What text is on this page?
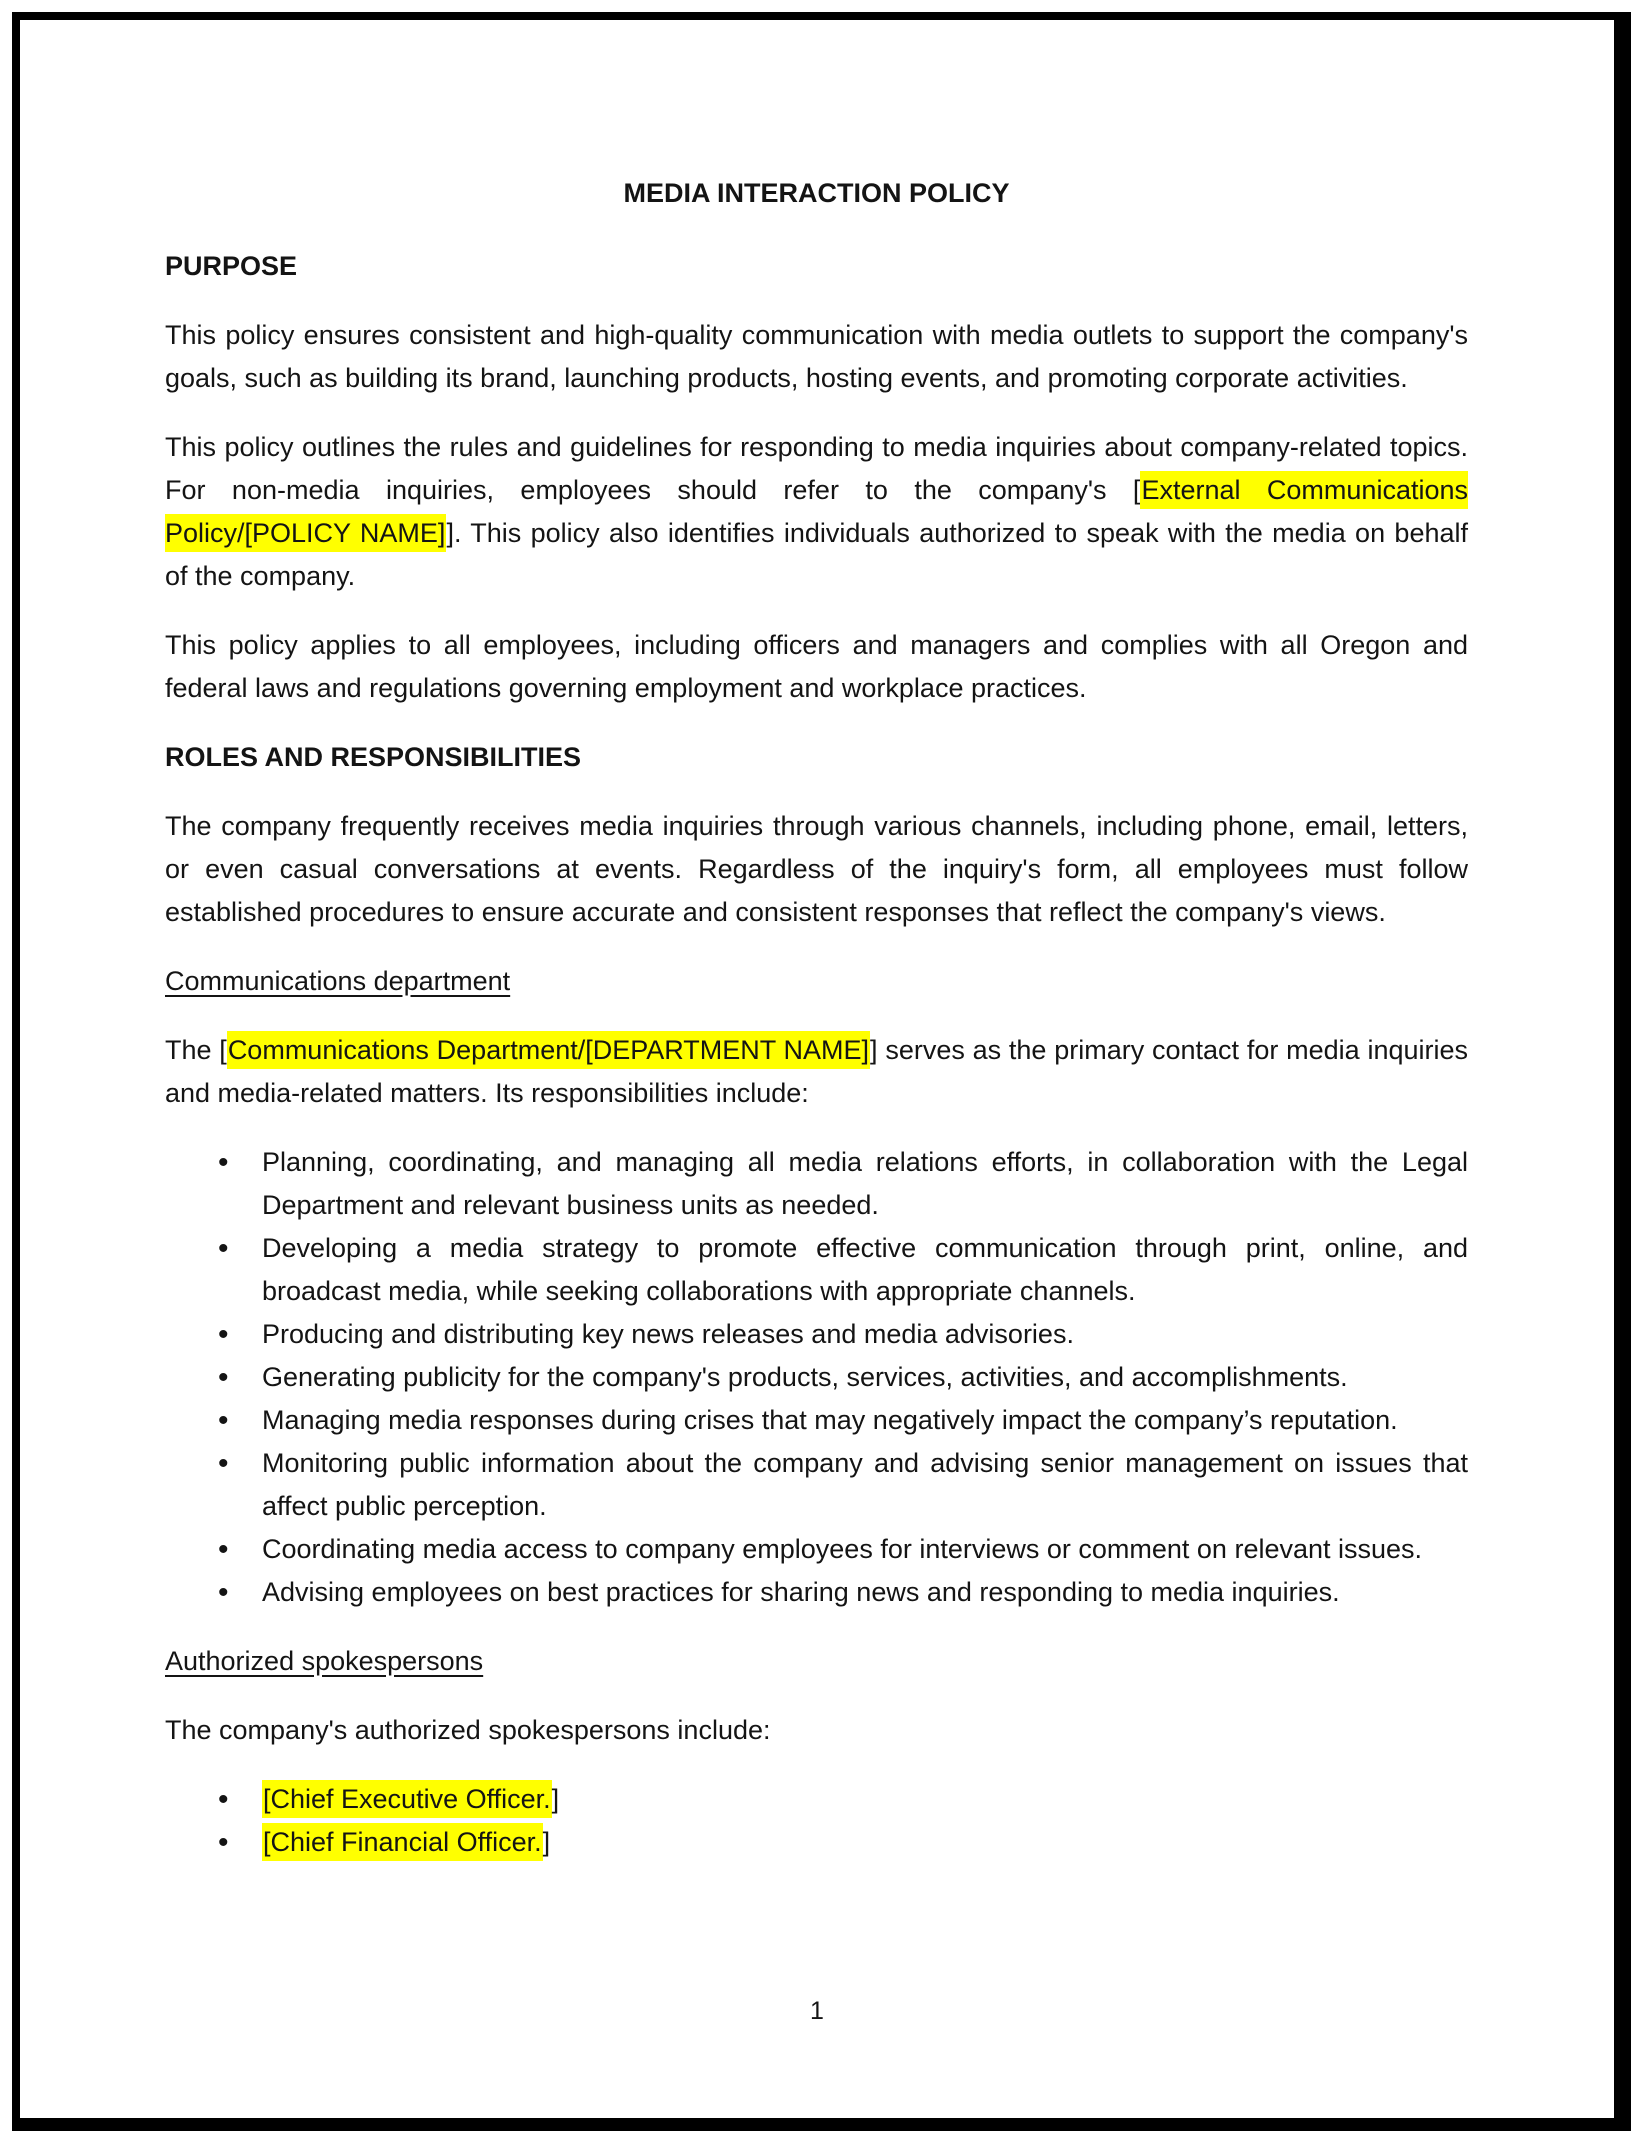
MEDIA INTERACTION POLICY
PURPOSE

This policy ensures consistent and high-quality communication with media outlets to support the company's goals, such as building its brand, launching products, hosting events, and promoting corporate activities.

This policy outlines the rules and guidelines for responding to media inquiries about company-related topics. For non-media inquiries, employees should refer to the company's [External Communications Policy/[POLICY NAME]]. This policy also identifies individuals authorized to speak with the media on behalf of the company.

This policy applies to all employees, including officers and managers and complies with all Oregon and federal laws and regulations governing employment and workplace practices.

ROLES AND RESPONSIBILITIES

The company frequently receives media inquiries through various channels, including phone, email, letters, or even casual conversations at events. Regardless of the inquiry's form, all employees must follow established procedures to ensure accurate and consistent responses that reflect the company's views.

Communications department

The [Communications Department/[DEPARTMENT NAME]] serves as the primary contact for media inquiries and media-related matters. Its responsibilities include:

• Planning, coordinating, and managing all media relations efforts, in collaboration with the Legal Department and relevant business units as needed.
• Developing a media strategy to promote effective communication through print, online, and broadcast media, while seeking collaborations with appropriate channels.
• Producing and distributing key news releases and media advisories.
• Generating publicity for the company's products, services, activities, and accomplishments.
• Managing media responses during crises that may negatively impact the company’s reputation.
• Monitoring public information about the company and advising senior management on issues that affect public perception.
• Coordinating media access to company employees for interviews or comment on relevant issues.
• Advising employees on best practices for sharing news and responding to media inquiries.
Authorized spokespersons

The company's authorized spokespersons include:

• [Chief Executive Officer.]
• [Chief Financial Officer.]
1
